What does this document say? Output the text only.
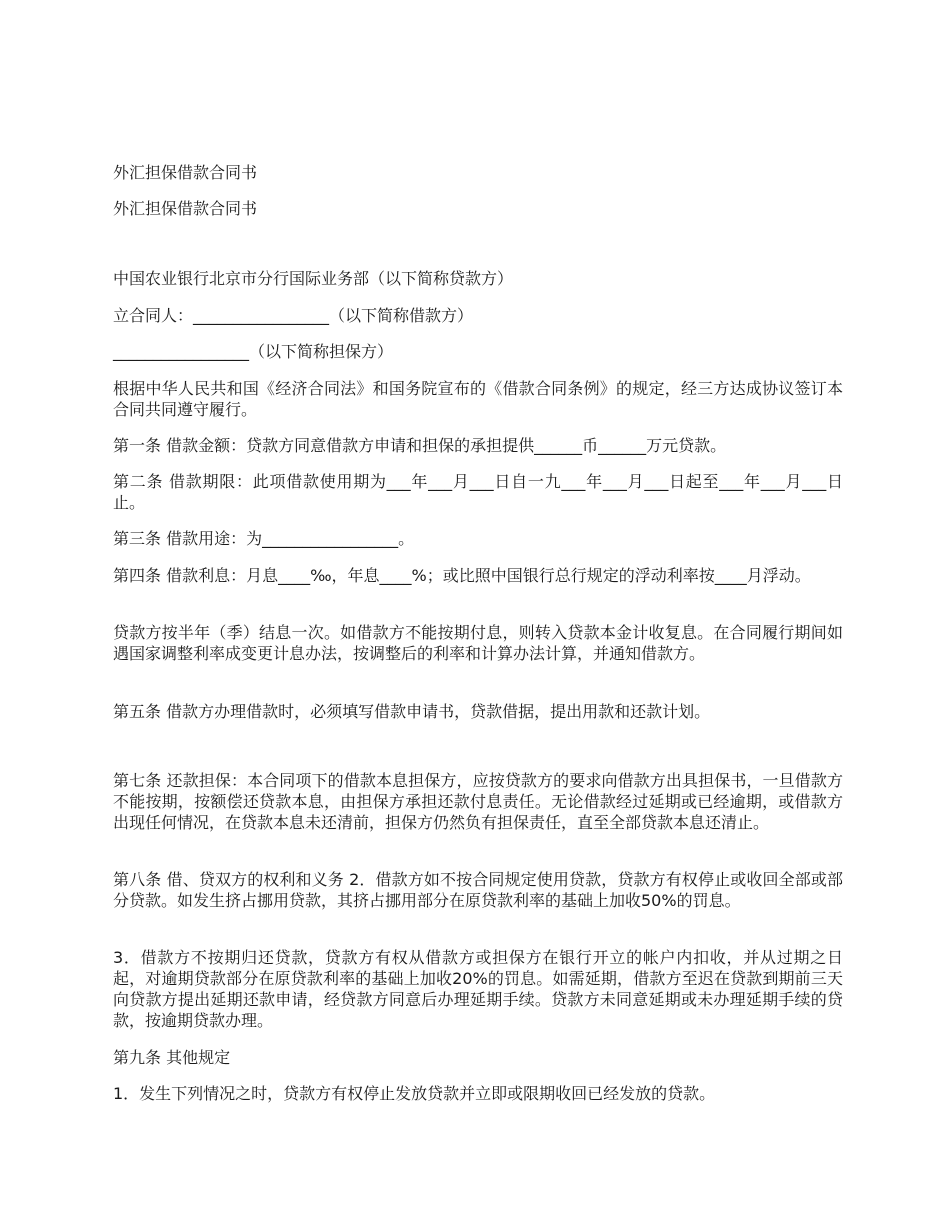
外汇担保借款合同书

外汇担保借款合同书

中国农业银行北京市分行国际业务部（以下简称贷款方）

立合同人：_________________（以下简称借款方）

_________________（以下简称担保方）

根据中华人民共和国《经济合同法》和国务院宣布的《借款合同条例》的规定，经三方达成协议签订本合同共同遵守履行。

第一条 借款金额：贷款方同意借款方申请和担保的承担提供______币______万元贷款。

第二条 借款期限：此项借款使用期为___年___月___日自一九___年___月___日起至___年___月___日止。

第三条 借款用途：为_________________。

第四条 借款利息：月息____‰，年息____%；或比照中国银行总行规定的浮动利率按____月浮动。

贷款方按半年（季）结息一次。如借款方不能按期付息，则转入贷款本金计收复息。在合同履行期间如遇国家调整利率成变更计息办法，按调整后的利率和计算办法计算，并通知借款方。

第五条 借款方办理借款时，必须填写借款申请书，贷款借据，提出用款和还款计划。

第七条 还款担保：本合同项下的借款本息担保方，应按贷款方的要求向借款方出具担保书，一旦借款方不能按期，按额偿还贷款本息，由担保方承担还款付息责任。无论借款经过延期或已经逾期，或借款方出现任何情况，在贷款本息未还清前，担保方仍然负有担保责任，直至全部贷款本息还清止。

第八条 借、贷双方的权利和义务 2．借款方如不按合同规定使用贷款，贷款方有权停止或收回全部或部分贷款。如发生挤占挪用贷款，其挤占挪用部分在原贷款利率的基础上加收50%的罚息。

3．借款方不按期归还贷款，贷款方有权从借款方或担保方在银行开立的帐户内扣收，并从过期之日起，对逾期贷款部分在原贷款利率的基础上加收20%的罚息。如需延期，借款方至迟在贷款到期前三天向贷款方提出延期还款申请，经贷款方同意后办理延期手续。贷款方未同意延期或未办理延期手续的贷款，按逾期贷款办理。

第九条 其他规定

1．发生下列情况之时，贷款方有权停止发放贷款并立即或限期收回已经发放的贷款。
